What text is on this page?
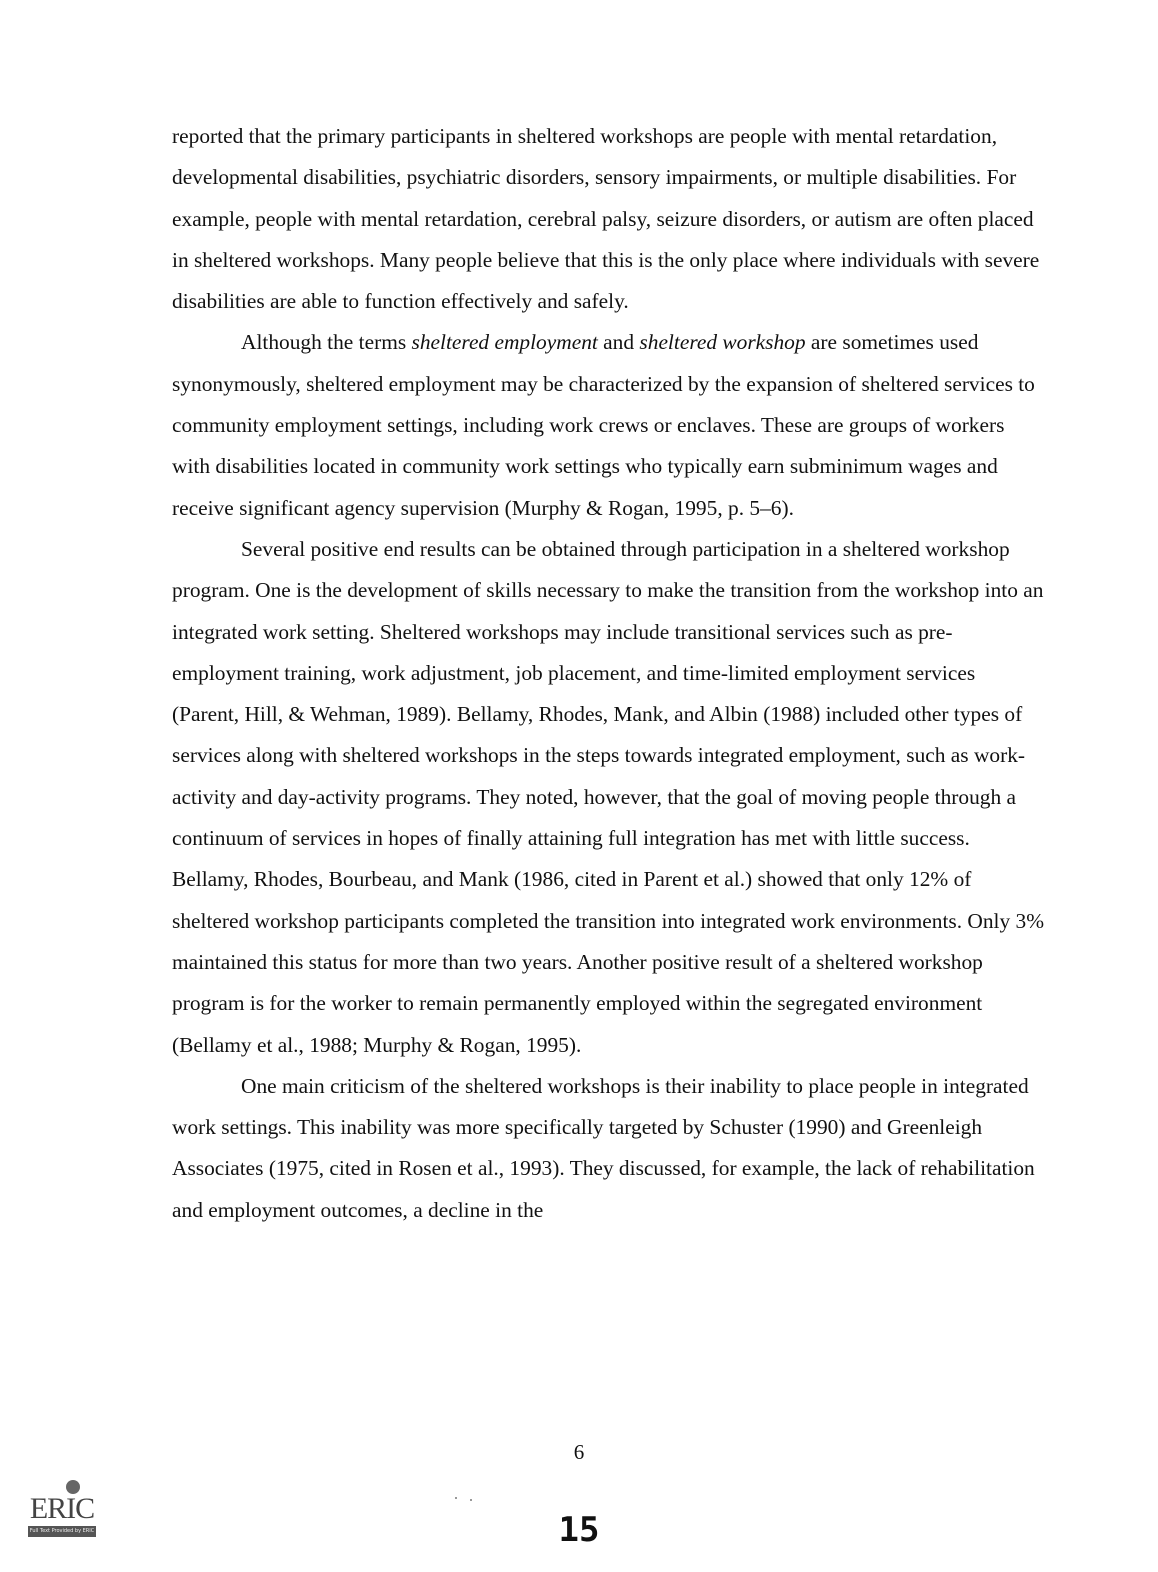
reported that the primary participants in sheltered workshops are people with mental retardation, developmental disabilities, psychiatric disorders, sensory impairments, or multiple disabilities. For example, people with mental retardation, cerebral palsy, seizure disorders, or autism are often placed in sheltered workshops. Many people believe that this is the only place where individuals with severe disabilities are able to function effectively and safely.

Although the terms sheltered employment and sheltered workshop are sometimes used synonymously, sheltered employment may be characterized by the expansion of sheltered services to community employment settings, including work crews or enclaves. These are groups of workers with disabilities located in community work settings who typically earn subminimum wages and receive significant agency supervision (Murphy & Rogan, 1995, p. 5–6).

Several positive end results can be obtained through participation in a sheltered workshop program. One is the development of skills necessary to make the transition from the workshop into an integrated work setting. Sheltered workshops may include transitional services such as pre-employment training, work adjustment, job placement, and time-limited employment services (Parent, Hill, & Wehman, 1989). Bellamy, Rhodes, Mank, and Albin (1988) included other types of services along with sheltered workshops in the steps towards integrated employment, such as work-activity and day-activity programs. They noted, however, that the goal of moving people through a continuum of services in hopes of finally attaining full integration has met with little success. Bellamy, Rhodes, Bourbeau, and Mank (1986, cited in Parent et al.) showed that only 12% of sheltered workshop participants completed the transition into integrated work environments. Only 3% maintained this status for more than two years. Another positive result of a sheltered workshop program is for the worker to remain permanently employed within the segregated environment (Bellamy et al., 1988; Murphy & Rogan, 1995).

One main criticism of the sheltered workshops is their inability to place people in integrated work settings. This inability was more specifically targeted by Schuster (1990) and Greenleigh Associates (1975, cited in Rosen et al., 1993). They discussed, for example, the lack of rehabilitation and employment outcomes, a decline in the

6
15
ERIC
Full Text Provided by ERIC
